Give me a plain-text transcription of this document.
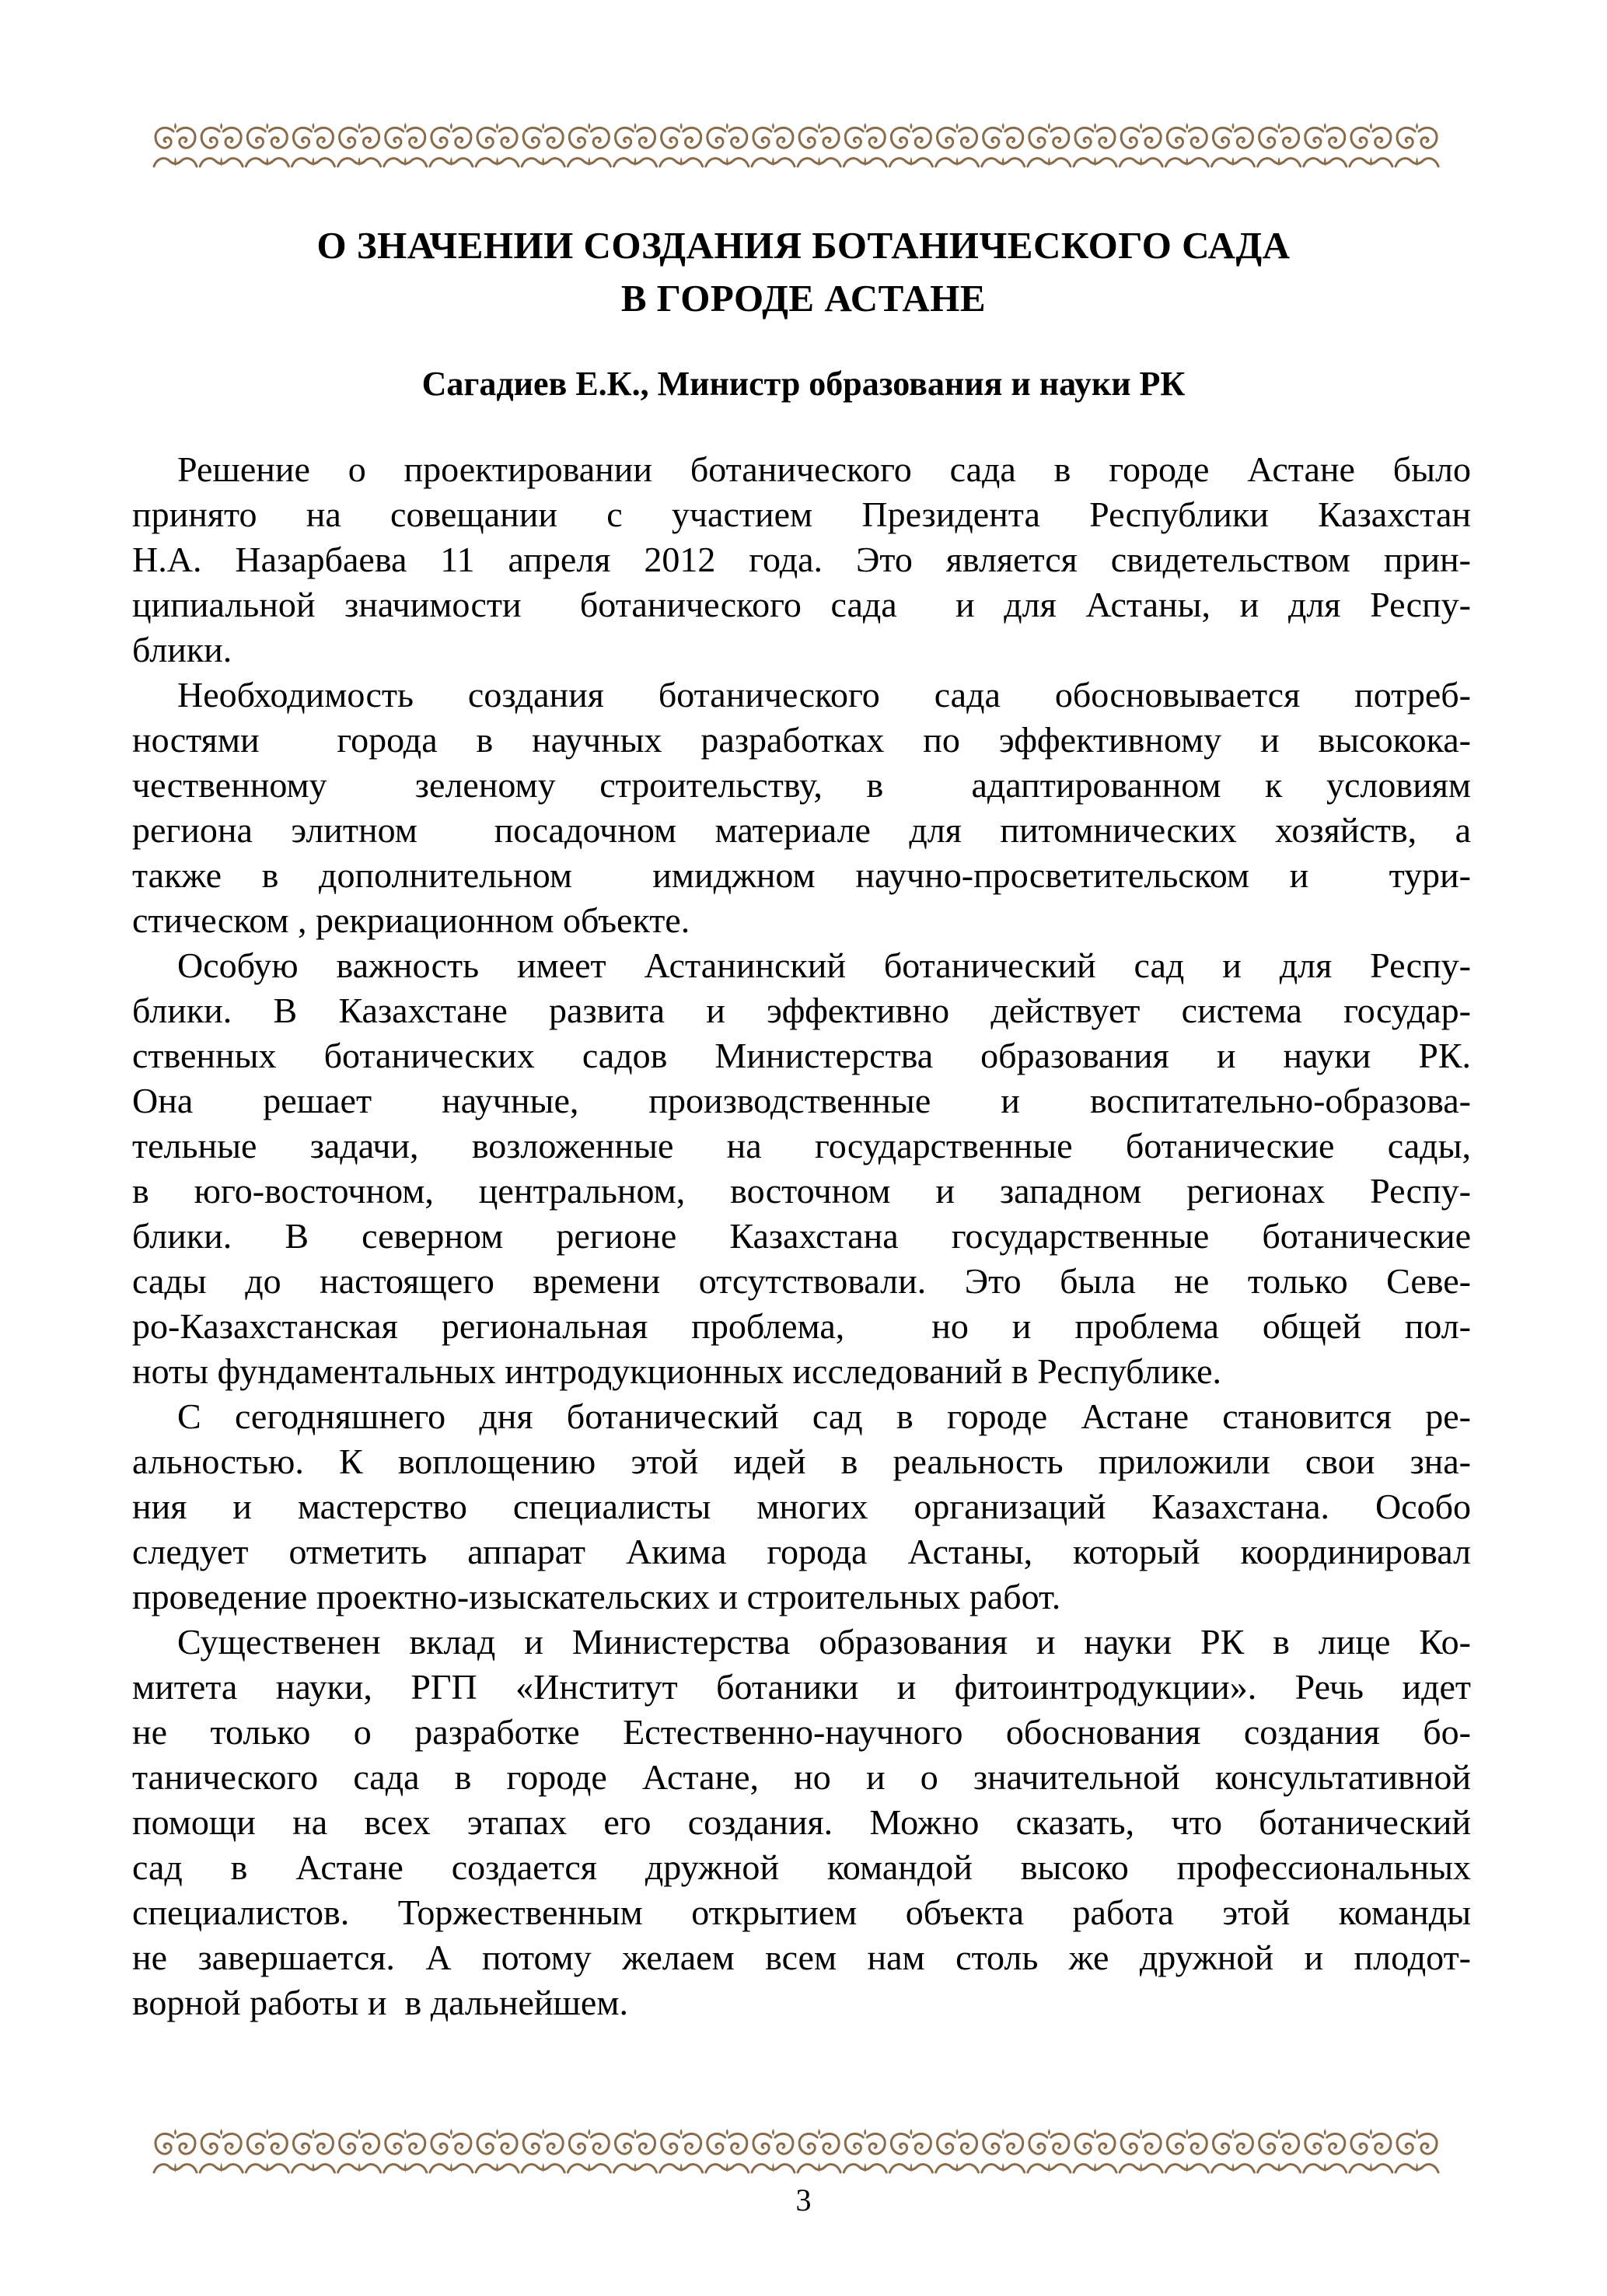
О ЗНАЧЕНИИ СОЗДАНИЯ БОТАНИЧЕСКОГО САДА
В ГОРОДЕ АСТАНЕ
Сагадиев Е.К., Министр образования и науки РК
Решение о проектировании ботанического сада в городе Астане было
принято на совещании с участием Президента Республики Казахстан
Н.А. Назарбаева 11 апреля 2012 года. Это является свидетельством прин-
ципиальной значимости  ботанического сада  и для Астаны, и для Респу-
блики.
Необходимость создания ботанического сада обосновывается потреб-
ностями  города в научных разработках по эффективному и высокока-
чественному  зеленому строительству, в  адаптированном к условиям
региона элитном  посадочном материале для питомнических хозяйств, а
также в дополнительном  имиджном научно-просветительском и  тури-
стическом , рекриационном объекте.
Особую важность имеет Астанинский ботанический сад и для Респу-
блики. В Казахстане развита и эффективно действует система государ-
ственных ботанических садов Министерства образования и науки РК.
Она решает научные, производственные и воспитательно-образова-
тельные задачи, возложенные на государственные ботанические сады,
в юго-восточном, центральном, восточном и западном регионах Респу-
блики. В северном регионе Казахстана государственные ботанические
сады до настоящего времени отсутствовали. Это была не только Севе-
ро-Казахстанская региональная проблема,  но и проблема общей пол-
ноты фундаментальных интродукционных исследований в Республике.
С сегодняшнего дня ботанический сад в городе Астане становится ре-
альностью. К воплощению этой идей в реальность приложили свои зна-
ния и мастерство специалисты многих организаций Казахстана. Особо
следует отметить аппарат Акима города Астаны, который координировал
проведение проектно-изыскательских и строительных работ.
Существенен вклад и Министерства образования и науки РК в лице Ко-
митета науки, РГП «Институт ботаники и фитоинтродукции». Речь идет
не только о разработке Естественно-научного обоснования создания бо-
танического сада в городе Астане, но и о значительной консультативной
помощи на всех этапах его создания. Можно сказать, что ботанический
сад в Астане создается дружной командой высоко профессиональных
специалистов. Торжественным открытием объекта работа этой команды
не завершается. А потому желаем всем нам столь же дружной и плодот-
ворной работы и  в дальнейшем.
3
